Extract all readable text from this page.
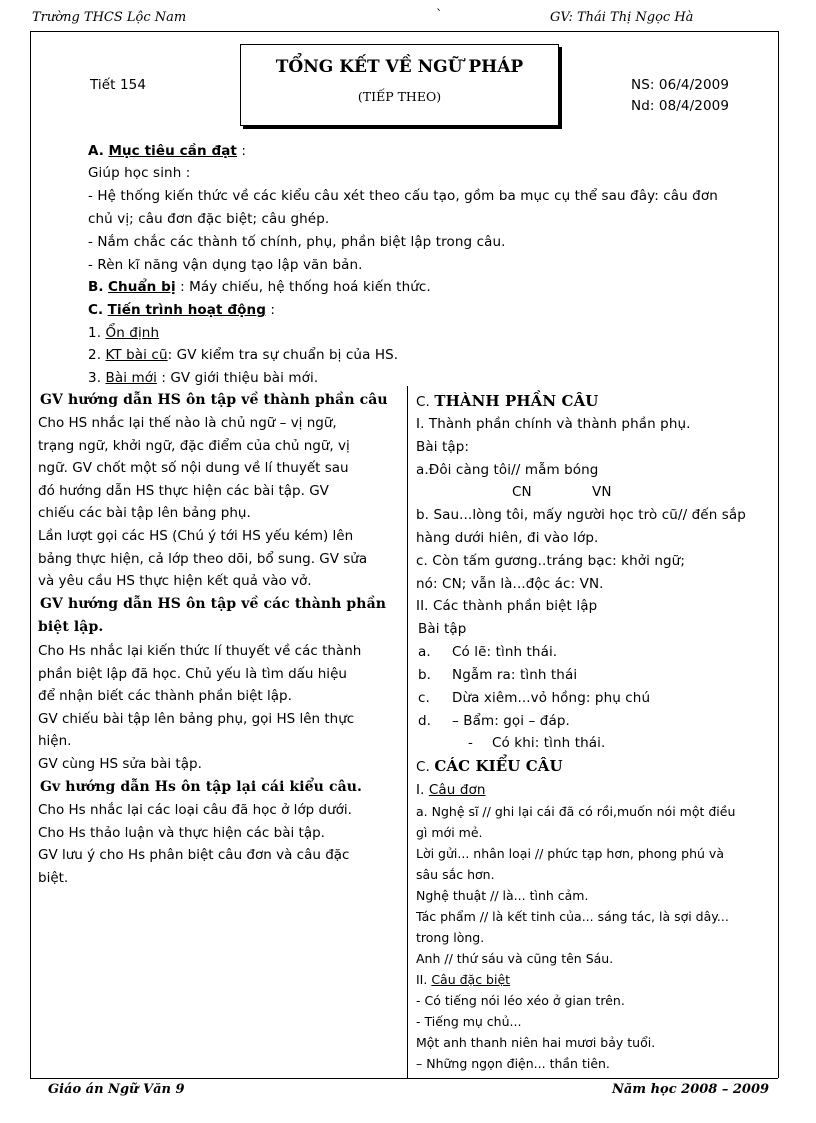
Trường THCS Lộc Nam	`	GV: Thái Thị Ngọc Hà
Tiết 154
TỔNG KẾT VỀ NGỮ PHÁP
(TIẾP THEO)
NS: 06/4/2009
Nd: 08/4/2009
A. Mục tiêu cần đạt :
Giúp học sinh :
- Hệ thống kiến thức về các kiểu câu xét theo cấu tạo, gồm ba mục cụ thể sau đây: câu đơn
chủ vị; câu đơn đặc biệt; câu ghép.
- Nắm chắc các thành tố chính, phụ, phần biệt lập trong câu.
- Rèn kĩ năng vận dụng tạo lập văn bản.
B. Chuẩn bị : Máy chiếu, hệ thống hoá kiến thức.
C. Tiến trình hoạt động :
1. Ổn định
2. KT bài cũ: GV kiểm tra sự chuẩn bị của HS.
3. Bài mới : GV giới thiệu bài mới.
GV hướng dẫn HS ôn tập về thành phần câu
Cho HS nhắc lại thế nào là chủ ngữ – vị ngữ,
trạng ngữ, khởi ngữ, đặc điểm của chủ ngữ, vị
ngữ. GV chốt một số nội dung về lí thuyết sau
đó hướng dẫn HS thực hiện các bài tập. GV
chiếu các bài tập lên bảng phụ.
Lần lượt gọi các HS (Chú ý tới HS yếu kém) lên
bảng thực hiện, cả lớp theo dõi, bổ sung. GV sửa
và yêu cầu HS thực hiện kết quả vào vở.
GV hướng dẫn HS ôn tập về các thành phần
biệt lập.
Cho Hs nhắc lại kiến thức lí thuyết về các thành
phần biệt lập đã học. Chủ yếu là tìm dấu hiệu
để nhận biết các thành phần biệt lập.
GV chiếu bài tập lên bảng phụ, gọi HS lên thực
hiện.
GV cùng HS sửa bài tập.
Gv hướng dẫn Hs ôn tập lại cái kiểu câu.
Cho Hs nhắc lại các loại câu đã học ở lớp dưới.
Cho Hs thảo luận và thực hiện các bài tập.
GV lưu ý cho Hs phân biệt câu đơn và câu đặc
biệt.
C. THÀNH PHẦN CÂU
I. Thành phần chính và thành phần phụ.
Bài tập:
a.Đôi càng tôi// mẫm bóng
CN	VN
b. Sau...lòng tôi, mấy người học trò cũ// đến sắp
hàng dưới hiên, đi vào lớp.
c. Còn tấm gương..tráng bạc: khởi ngữ;
nó: CN; vẫn là...độc ác: VN.
II. Các thành phần biệt lập
Bài tập
a. Có lẽ: tình thái.
b. Ngẫm ra: tình thái
c. Dừa xiêm...vỏ hồng: phụ chú
d. – Bẩm: gọi – đáp.
- Có khi: tình thái.
C. CÁC KIỂU CÂU
I. Câu đơn
a. Nghệ sĩ // ghi lại cái đã có rồi,muốn nói một điều
gì mới mẻ.
Lời gửi... nhân loại // phức tạp hơn, phong phú và
sâu sắc hơn.
Nghệ thuật // là... tình cảm.
Tác phẩm // là kết tinh của... sáng tác, là sợi dây...
trong lòng.
Anh // thứ sáu và cũng tên Sáu.
II. Câu đặc biệt
- Có tiếng nói léo xéo ở gian trên.
- Tiếng mụ chủ...
Một anh thanh niên hai mươi bảy tuổi.
– Những ngọn điện... thần tiên.
Giáo án Ngữ Văn 9	Năm học 2008 – 2009
